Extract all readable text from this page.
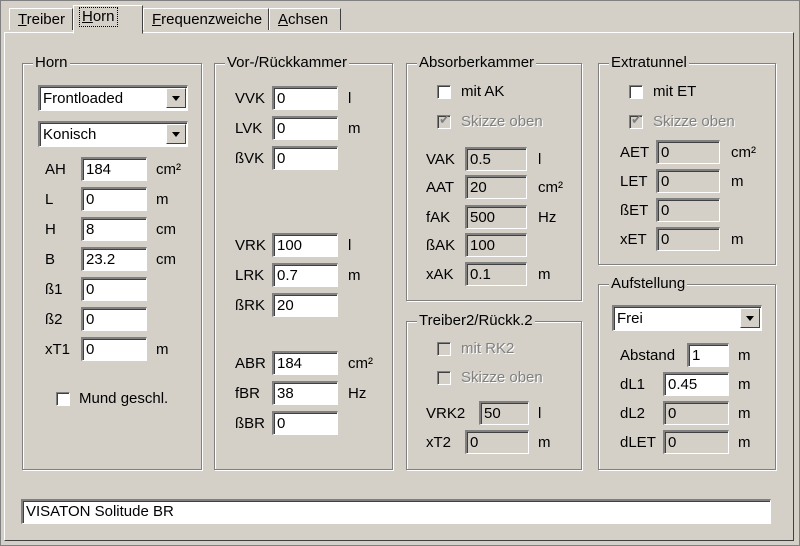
Treiber	Horn	Frequenzweiche	Achsen
Horn
Frontloaded
Konisch
AH	184	cm²
L	0	m
H	8	cm
B	23.2	cm
ß1	0
ß2	0
xT1	0	m
Mund geschl.
Vor-/Rückkammer
VVK 0	l
LVK 0	m
ßVK 0
VRK 100	l
LRK 0.7	m
ßRK 20
ABR 184	cm²
fBR	38	Hz
ßBR 0
Absorberkammer
mit AK
✔ Skizze oben
VAK	0.5	l
AAT	20	cm²
fAK	500	Hz
ßAK 100
xAK	0.1	m
Treiber2/Rückk.2
mit RK2
Skizze oben
VRK2	50	l
xT2	0	m
Extratunnel
mit ET
✔ Skizze oben
AET 0	cm²
LET 0	m
ßET 0
xET 0	m
Aufstellung
Frei
Abstand	1	m
dL1	0.45	m
dL2	0	m
dLET 0	m
VISATON Solitude BR
